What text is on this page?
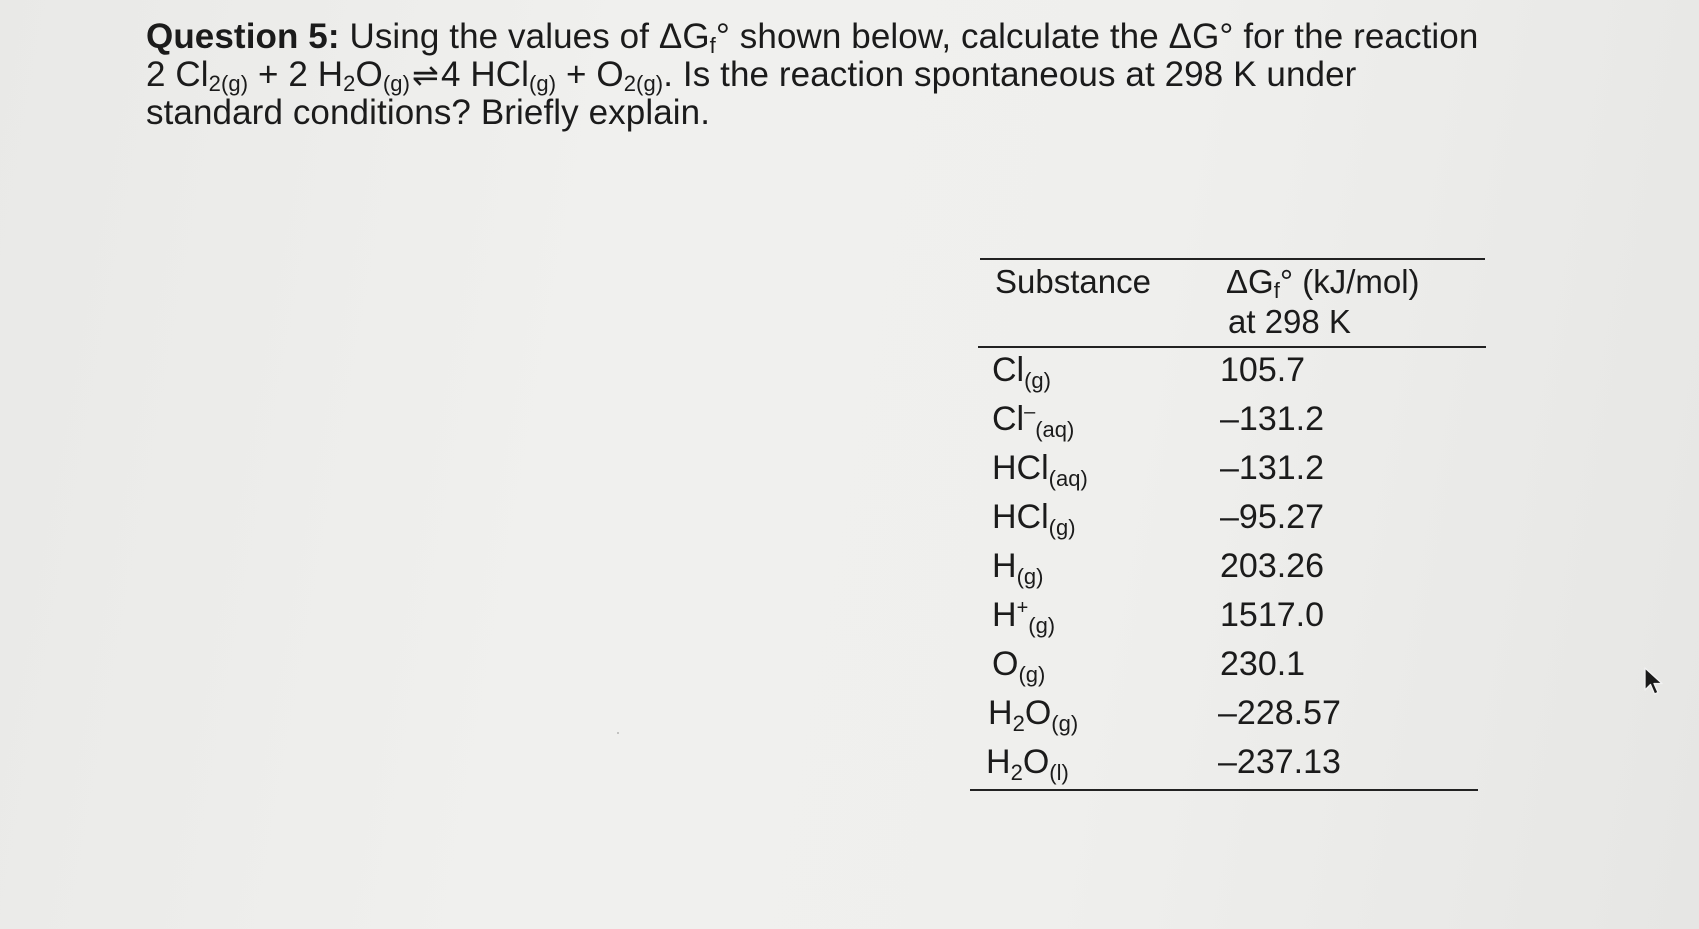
Question 5: Using the values of $\Delta G_f^\circ$ shown below, calculate the ΔG° for the reaction
2 $Cl_{2(g)} + 2$ $H_2O_{(g)}\rightleftharpoons 4$ $HCl_{(g)} + O_{2(g)}$. Is the reaction spontaneous at 298 K under
standard conditions? Briefly explain.
Substance ΔGf° (kJ/mol)
at 298 K
$Cl_{(g)}$	105.7
$Cl^-_{(aq)}$	–131.2
HCl$_{(aq)}$	–131.2
HCl$_{(g)}$	–95.27
$H_{(g)}$	203.26
$H^+_{(g)}$	1517.0
$O_{(g)}$	230.1
$H_2O_{(g)}$	–228.57
$H_2O_{(l)}$	–237.13
